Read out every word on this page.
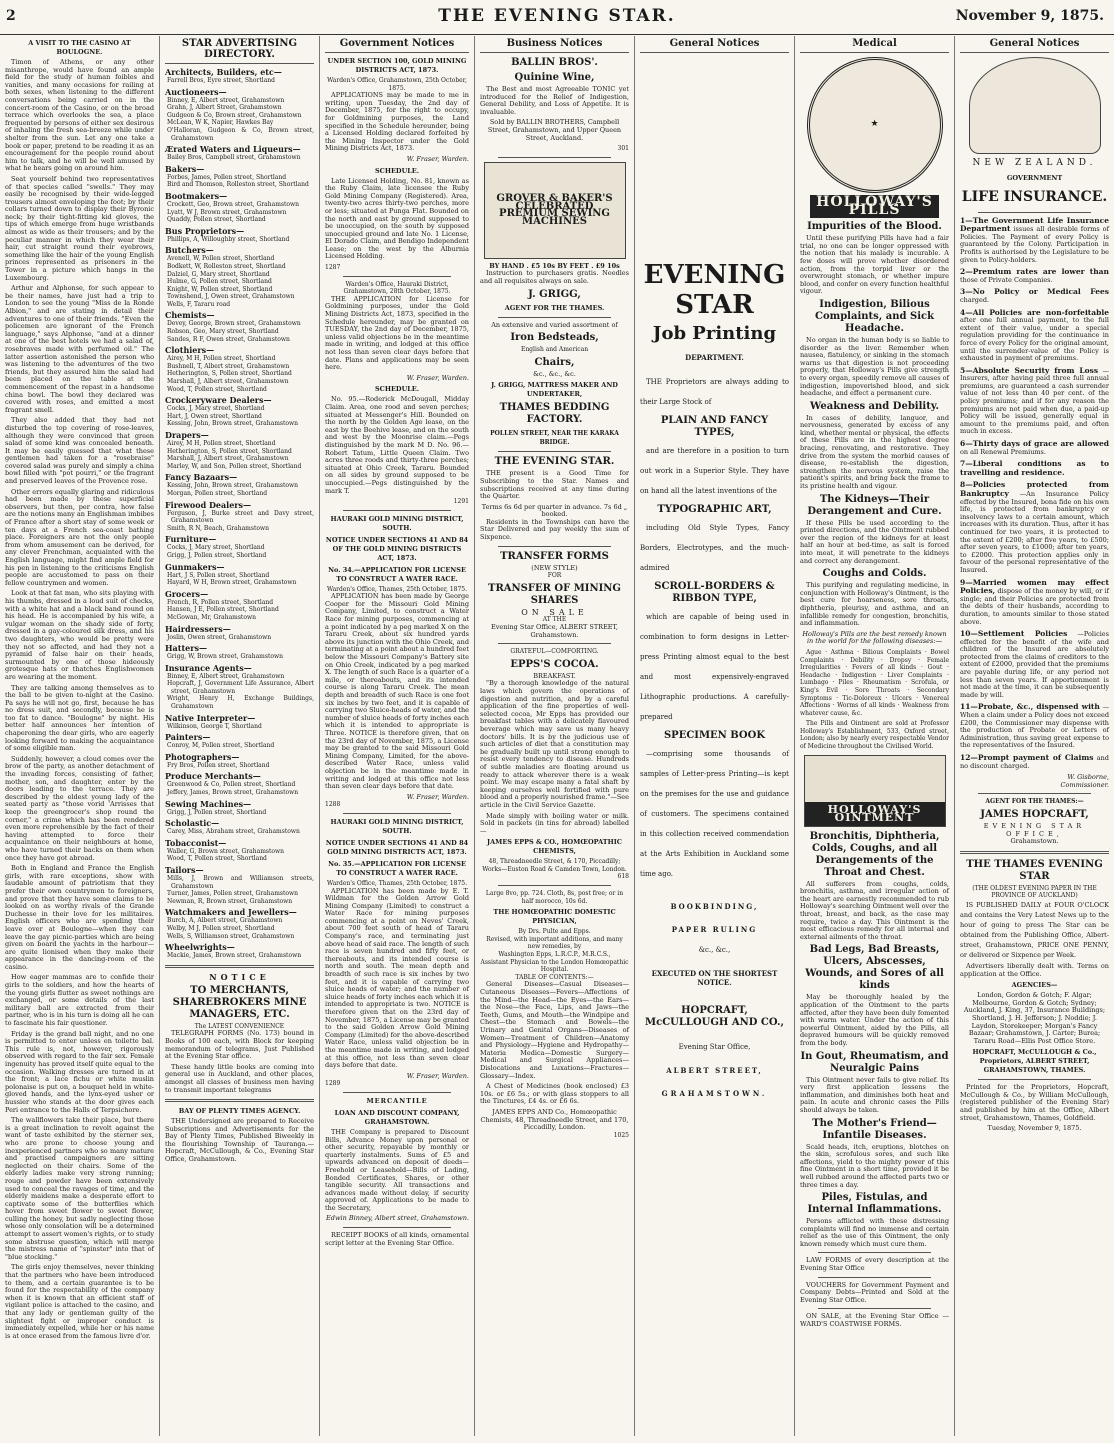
2	THE EVENING STAR.	November 9, 1875.
A VISIT TO THE CASINO AT BOULOGNE.

Timon of Athens, or any other misanthrope, would have found an ample field for the study of human foibles and vanities, and many occasions for railing at both sexes, when listening to the different conversations being carried on in the concert-room of the Casino, or on the broad terrace which overlooks the sea, a place frequented by persons of either sex desirous of inhaling the fresh sea-breeze while under shelter from the sun. Let any one take a book or paper, pretend to be reading it as an encouragement for the people round about him to talk, and he will be well amused by what he hears going on around him.

Seat yourself behind two representatives of that species called "swells." They may easily be recognised by their wide-legged trousers almost enveloping the foot; by their collars turned down to display their Byronic neck; by their tight-fitting kid gloves, the tips of which emerge from huge wristbands almost as wide as their trousers; and by the peculiar manner in which they wear their hair, cut straight round their eyebrows, something like the hair of the young English princes represented as prisoners in the Tower in a picture which hangs in the Luxembourg.

Arthur and Alphonse, for such appear to be their names, have just had a trip to London to see the young "Miss de la Ronde Albion," and are stating in detail their adventures to one of their friends. "Even the policemen are ignorant of the French language," says Alphonse, "and at a dinner at one of the best hotels we had a salad of, rosebraves made with perfumed oil." The latter assertion astonished the person who was listening to the adventures of the two friends, but they assured him the salad had been placed on the table at the commencement of the repast in a handsome china bowl. The bowl they declared was covered with roses, and emitted a most fragrant smell.

They also added that they had not disturbed the top covering of rose-leaves, although they were convinced that green salad of some kind was concealed beneath. It may be easily guessed that what these gentlemen had taken for a "rosebraise" covered salad was purely and simply a china bowl filled with "pot pourri," or the fragrant and preserved leaves of the Provence rose.

Other errors equally glaring and ridiculous had been made by these superficial observers, but then, per contra, how false are the notions many an Englishman imbibes of France after a short stay of some week or ten days at a French sea-coast bathing place. Foreigners are not the only people from whom amusement can be derived, for any clever Frenchman, acquainted with the English language, might find ample field for his pen in listening to the criticisms English people are accustomed to pass on their fellow countrymen and women.

Look at that fat man, who sits playing with his thumbs, dressed in a loud suit of checks, with a white hat and a black band round on his head. He is accompanied by his wife, a vulgar woman on the shady side of forty, dressed in a gay-coloured silk dress, and his two daughters, who would be pretty were they not so affected, and had they not a pyramid of false hair on their heads, surmounted by one of those hideously grotesque hats or thatches Englishwomen are wearing at the moment.

They are talking among themselves as to the ball to be given to-night at the Casino. Pa says he will not go, first, because he has no dress suit, and secondly, because he is too fat to dance. "Boulogne" by night. His better half announces her intention of chaperoning the dear girls, who are eagerly looking forward to making the acquaintance of some eligible man.

Suddenly, however, a cloud comes over the brow of the party, as another detachment of the invading forces, consisting of father, mother, son, and daughter, enter by the doors leading to the terrace. They are described by the eldest young lady of the seated party as "those vorid 'Arrisses that keep the greengrocer's shop round the corner," a crime which has been rendered even more reprehensible by the fact of their having attempted to force their acquaintance on their neighbours at home, who have turned their backs on them when once they have got abroad.

Both in England and France the English girls, with rare exceptions, show with laudable amount of patriotism that they prefer their own countrymen to foreigners, and prove that they have some claims to be looked on as worthy rivals of the Grande Duchesse in their love for les militaires. English officers who are spending their leave over at Boulogne—when they can leave the gay picnic-parties which are being given on board the yachts in the harbour—are quite lionised when they make their appearance in the dancing-room of the casino.

How eager mammas are to confide their girls to the soldiers, and how the hearts of the young girls flutter as sweet nothings are exchanged, or some details of the last military ball are extracted from their partner, who is in his turn is doing all he can to fascinate his fair questioner.

Friday is the grand ball night, and no one is permitted to enter unless en toilette bal. This rule is, not, however, rigorously observed with regard to the fair sex. Female ingenuity has proved itself quite equal to the occasion. Walking dresses are turned in at the front; a lace fichu or white muslin polonaise is put on, a bouquet held in white-gloved hands, and the lynx-eyed usher or hussier who stands at the door gives each Peri entrance to the Halls of Terpsichore.

The wallflowers take their place, but there is a great inclination to revolt against the want of taste exhibited by the sterner sex, who are prone to choose young and inexperienced partners who so many mature and practised campaigners are sitting neglected on their chairs. Some of the elderly ladies make very strong running; rouge and powder have been extensively used to conceal the ravages of time, and the elderly maidens make a desperate effort to captivate some of the butterflies which hover from sweet flower to sweet flower, culling the honey, but sadly neglecting those whose only consolation will be a determined attempt to assert women's rights, or to study some abstruse question, which will merge the mistress name of "spinster" into that of "blue stocking."

The girls enjoy themselves, never thinking that the partners who have been introduced to them, and a certain guarantee is to be found for the respectability of the company when it is known that an efficient staff of vigilant police is attached to the casino, and that any lady or gentleman guilty of the slightest fight or improper conduct is immediately expelled, while her or his name is at once erased from the famous livre d'or.

STAR ADVERTISING DIRECTORY.
Architects, Builders, etc—
Farrell Bros, Eyre street, Shortland
Auctioneers—
Binney, E, Albert street, Grahamstown
Grahn, J, Albert Street, Grahamstown
Gudgeon & Co, Brown street, Grahamstown
McLean, W K, Napier, Hawkes Bay
O'Halloran, Gudgeon & Co, Brown street, Grahamstown
Ærated Waters and Liqueurs—
Bailey Bros, Campbell street, Grahamstown
Bakers—
Forbes, James, Pollen street, Shortland
Bird and Thomson, Rolleston street, Shortland
Bootmakers—
Crockett, Geo, Brown street, Grahamstown
Lyatt, W J, Brown street, Grahamstown
Quaddy, Pollen street, Shortland
Bus Proprietors—
Phillips, A, Willoughby street, Shortland
Butchers—
Avenell, W, Pollen street, Shortland
Bodkett, W, Rolleston street, Shortland
Dalziel, G, Mary street, Shortland
Hulme, G, Pollen street, Shortland
Knight, W, Pollen street, Shortland
Townshend, J, Owen street, Grahamstown
Wells, F, Tararu road
Chemists—
Devey, George, Brown street, Grahamstown
Robson, Geo, Mary street, Shortland
Sandes, R F, Owen street, Grahamstown
Clothiers—
Airey, M H, Pollen street, Shortland
Bushnell, T, Albert street, Grahamstown
Hetherington, S, Pollen street, Shortland
Marshall, J, Albert street, Grahamstown
Wood, T, Pollen street, Shortland
Crockeryware Dealers—
Cocks, J, Mary street, Shortland
Hart, J, Owen street, Shortland
Kessing, John, Brown street, Grahamstown
Drapers—
Airey, M H, Pollen street, Shortland
Hetherington, S, Pollen street, Shortland
Marshall, J, Albert street, Grahamstown
Marley, W, and Son, Pollen street, Shortland
Fancy Bazaars—
Kessing, John, Brown street, Grahamstown
Morgan, Pollen street, Shortland
Firewood Dealers—
Ferguson, J, Burke street and Davy street, Grahamstown
Smith, R N, Beach, Grahamstown
Furniture—
Cocks, J, Mary street, Shortland
Grigg, J, Pollen street, Shortland
Gunmakers—
Hart, J S, Pollen street, Shortland
Hayard, W H, Brown street, Grahamstown
Grocers—
French, R, Pollen street, Shortland
Hansen, J E, Pollen street, Shortland
McGowan, Mr, Grahamstown
Hairdressers—
Joslin, Owen street, Grahamstown
Hatters—
Grigg, W, Brown street, Grahamstown
Insurance Agents—
Binney, E, Albert street, Grahamstown
Hopcraft, J, Government Life Assurance, Albert street, Grahamstown
Wright, Henry H, Exchange Buildings, Grahamstown
Native Interpreter—
Wilkinson, George T, Shortland
Painters—
Conroy, M, Pollen street, Shortland
Photographers—
Fry Bros, Pollen street, Shortland
Produce Merchants—
Greenwood & Co, Pollen street, Shortland
Jeffery, James, Brown street, Grahamstown
Sewing Machines—
Grigg, J, Pollen street, Shortland
Scholastic—
Carey, Miss, Abraham street, Grahamstown
Tobacconist—
Waller, G, Brown street, Grahamstown
Wood, T, Pollen street, Shortland
Tailors—
Mills, J, Brown and Williamson streets, Grahamstown
Turner, James, Pollen street, Grahamstown
Newman, R, Brown street, Grahamstown
Watchmakers and Jewellers—
Burch, A, Albert street, Grahamstown
Welby, M J, Pollen street, Shortland
Wells, S, Williamson street, Grahamstown
Wheelwrights—
Mackie, James, Brown street, Grahamstown
NOTICE
TO MERCHANTS, SHAREBROKERS MINE MANAGERS, ETC.
The LATEST CONVENIENCE

TELEGRAPH FORMS (No. 173) bound in Books of 100 each, with Block for keeping memorandum of telegrams, Just Published at the Evening Star office.

These handy little books are coming into general use in Auckland, and other places, amongst all classes of business men having to transmit important telegrams

BAY OF PLENTY TIMES AGENCY.

THE Undersigned are prepared to Receive Subscriptions and Advertisements for the Bay of Plenty Times, Published Biweekly in the flourishing Township of Tauranga.—Hopcraft, McCullough, & Co., Evening Star Office, Grahamstown.

Government Notices
UNDER SECTION 100, GOLD MINING DISTRICTS ACT, 1873.
Warden's Office, Grahamstown, 25th October, 1875.

APPLICATIONS may be made to me in writing, upon Tuesday, the 2nd day of December, 1875, for the right to occupy, for Goldmining purposes, the Land specified in the Schedule hereunder, being a Licensed Holding declared forfeited by the Mining Inspector under the Gold Mining Districts Act, 1873.

W. Fraser, Warden.
SCHEDULE.

Late Licensed Holding, No. 81, known as the Ruby Claim, late licensee the Ruby Gold Mining Company (Registered). Area, twenty-two acres thirty-two perches, more or less; situated at Punga Flat. Bounded on the north and east by ground supposed to be unoccupied, on the south by supposed unoccupied ground and late No. 1 License, El Dorado Claim, and Bendigo Independent Lease; on the west by the Alburnia Licensed Holding.

1287
Warden's Office, Hauraki District, Grahamstown, 28th October, 1875.

THE APPLICATION for License for Goldmining purposes, under the Gold Mining Districts Act, 1873, specified in the Schedule hereunder, may be granted on TUESDAY, the 2nd day of December, 1875, unless valid objections be in the meantime made in writing, and lodged at this office not less than seven clear days before that date. Plans and applications may be seen here.

W. Fraser, Warden.
SCHEDULE.

No. 95.—Roderick McDougall, Midday Claim. Area, one rood and seven perches; situated at Messenger's Hill. Bounded on the north by the Golden Age lease, on the east by the Beehive lease, and on the south and west by the Moonrise claim.—Pegs distinguished by the mark M D. No. 96.—Robert Tatum, Little Queen Claim. Two acres three roods and thirty-three perches; situated at Ohio Creek, Tararu. Bounded on all sides by ground supposed to be unoccupied.—Pegs distinguished by the mark T.

1291
HAURAKI GOLD MINING DISTRICT, SOUTH.
NOTICE UNDER SECTIONS 41 AND 84 OF THE GOLD MINING DISTRICTS ACT, 1873.
No. 34.—APPLICATION FOR LICENSE TO CONSTRUCT A WATER RACE.
Warden's Office, Thames, 25th October, 1875.

APPLICATION has been made by George Cooper for the Missouri Gold Mining Company, Limited, to construct a Water Race for mining purposes, commencing at a point indicated by a peg marked X on the Tararu Creek, about six hundred yards above its junction with the Ohio Creek, and terminating at a point about a hundred feet below the Missouri Company's Battery site on Ohio Creek, indicated by a peg marked X. The length of such Race is a quarter of a mile, or thereabouts, and its intended course is along Tararu Creek. The mean depth and breadth of such Race is one foot six inches by two feet, and it is capable of carrying two Sluice-heads of water, and the number of sluice heads of forty inches each which it is intended to appropriate is Three. NOTICE is therefore given, that on the 23rd day of November, 1875, a License may be granted to the said Missouri Gold Mining Company, Limited, for the above-described Water Race, unless valid objection be in the meantime made in writing and lodged at this office not less than seven clear days before that date.

W. Fraser, Warden.
1288
HAURAKI GOLD MINING DISTRICT, SOUTH.
NOTICE UNDER SECTIONS 41 AND 84 GOLD MINING DISTRICTS ACT, 1873.
No. 35.—APPLICATION FOR LICENSE TO CONSTRUCT A WATER RACE.
Warden's Office, Thames, 25th October, 1875.

APPLICATION has been made by E. T. Wildman for the Golden Arrow Gold Mining Company (Limited) to construct a Water Race for mining purposes commencing at a point on Neves' Creek, about 700 feet south of head of Tararu Company's race, and terminating just above head of said race. The length of such race is seven hundred and fifty feet, or thereabouts, and its intended course is north and south. The mean depth and breadth of such race is six inches by two feet, and it is capable of carrying two sluice heads of water; and the number of sluice heads of forty inches each which it is intended to appropriate is two. NOTICE is therefore given that on the 23rd day of November, 1875, a License may be granted to the said Golden Arrow Gold Mining Company (Limited) for the above-described Water Race, unless valid objection be in the meantime made in writing, and lodged at this office, not less than seven clear days before that date.

W. Fraser, Warden.
1289
MERCANTILE
LOAN AND DISCOUNT COMPANY, GRAHAMSTOWN.

THE Company is prepared to Discount Bills, Advance Money upon personal or other security, repayable by monthly or quarterly instalments. Sums of £5 and upwards advanced on deposit of deeds—Freehold or Leasehold—Bills of Lading, Bonded Certificates, Shares, or other tangible security. All transactions and advances made without delay, if security approved of. Applications to be made to the Secretary,

Edwin Binney, Albert street, Grahamstown.

RECEIPT BOOKS of all kinds, ornamental script letter at the Evening Star Office.

Business Notices
BALLIN BROS'.
Quinine Wine,

The Best and most Agreeable TONIC yet introduced for the Relief of Indigestion, General Debility, and Loss of Appetite. It is invaluable.

Sold by BALLIN BROTHERS, Campbell Street, Grahamstown, and Upper Queen Street, Auckland.

301
GROVER & BAKER'S CELEBRATED PREMIUM SEWING MACHINES
BY HAND . £5 10s BY FEET . £9 10s

Instruction to purchasers gratis. Needles and all requisites always on sale.

J. GRIGG,
AGENT FOR THE THAMES.
An extensive and varied assortment of
Iron Bedsteads,
English and American
Chairs,
&c., &c., &c.
J. GRIGG, MATTRESS MAKER AND UNDERTAKER,
THAMES BEDDING FACTORY.
POLLEN STREET, NEAR THE KARAKA BRIDGE.
THE EVENING STAR.

THE present is a Good Time for Subscribing to the Star. Names and subscriptions received at any time during the Quarter.

Terms 6s 6d per quarter in advance. 7s 6d „ booked.

Residents in the Townships can have the Star Delivered and pay weekly the sum of Sixpence.

TRANSFER FORMS
(NEW STYLE)
FOR
TRANSFER OF MINING SHARES
ON SALE
AT THE
Evening Star Office, ALBERT STREET, Grahamstown.
GRATEFUL—COMFORTING.
EPPS'S COCOA.
BREAKFAST.

"By a thorough knowledge of the natural laws which govern the operations of digestion and nutrition, and by a careful application of the fine properties of well-selected cocoa, Mr Epps has provided our breakfast tables with a delicately flavoured beverage which may save us many heavy doctors' bills. It is by the judicious use of such articles of diet that a constitution may be gradually built up until strong enough to resist every tendency to disease. Hundreds of subtle maladies are floating around us ready to attack wherever there is a weak point. We may escape many a fatal shaft by keeping ourselves well fortified with pure blood and a properly nourished frame."—See article in the Civil Service Gazette.

Made simply with boiling water or milk. Sold in packets (in tins for abroad) labelled—

JAMES EPPS & CO., HOMŒOPATHIC CHEMISTS,
48, Threadneedle Street, & 170, Piccadilly; Works—Euston Road & Camden Town, London.
618
Large 8vo, pp. 724. Cloth, 8s, post free; or in half morocco, 10s 6d.
THE HOMŒOPATHIC DOMESTIC PHYSICIAN,
By Drs. Pulte and Epps.
Revised, with important additions, and many new remedies, by
Washington Epps, L.R.C.P., M.R.C.S.,
Assistant Physician to the London Homœopathic Hospital.
TABLE OF CONTENTS:—

General Diseases—Casual Diseases—Cutaneous Diseases—Fevers—Affections of the Mind—the Head—the Eyes—the Ears—the Nose—the Face, Lips, and Jaws—the Teeth, Gums, and Mouth—the Windpipe and Chest—the Stomach and Bowels—the Urinary and Genital Organs—Diseases of Women—Treatment of Children—Anatomy and Physiology—Hygiene and Hydropathy—Materia Medica—Domestic Surgery—Medical and Surgical Appliances—Dislocations and Luxations—Fractures—Glossary—Index.

A Chest of Medicines (book enclosed) £3 10s. or £6 5s.; or with glass stoppers to all the Tinctures, £4 4s. or £6 6s.

JAMES EPPS AND Co., Homœopathic Chemists, 48, Threadneedle Street, and 170, Piccadilly, London.
1025
General Notices
EVENING STAR
Job Printing
DEPARTMENT.

THE Proprietors are always adding to their Large Stock of

PLAIN AND FANCY TYPES,

and are therefore in a position to turn out work in a Superior Style. They have on hand all the latest inventions of the

TYPOGRAPHIC ART,

including Old Style Types, Fancy Borders, Electrotypes, and the much-admired

SCROLL-BORDERS & RIBBON TYPE,

which are capable of being used in combination to form designs in Letter-press Printing almost equal to the best and most expensively-engraved Lithographic productions. A carefully-prepared

SPECIMEN BOOK

—comprising some thousands of samples of Letter-press Printing—is kept on the premises for the use and guidance of customers. The specimens contained in this collection received commendation at the Arts Exhibition in Auckland some time ago.

BOOKBINDING,
PAPER RULING
&c., &c.,
EXECUTED ON THE SHORTEST NOTICE.
HOPCRAFT, McCULLOUGH AND CO.,
Evening Star Office,
ALBERT STREET,
GRAHAMSTOWN.
Medical
★
HOLLOWAY'S PILLS
Impurities of the Blood.

Until these purifying Pills have had a fair trial, no one can be longer oppressed with the notion that his malady is incurable. A few doses will prove whether disordered action, from the torpid liver or the overwrought stomach, or whether impure blood, and confer on every function healthful vigour.

Indigestion, Bilious Complaints, and Sick Headache.

No organ in the human body is so liable to disorder as the liver. Remember when nausea, flatulency, or sinking in the stomach warns us that digestion is not proceeding properly, that Holloway's Pills give strength to every organ, speedily remove all causes of indigestion, impoverished blood, and sick headache, and effect a permanent cure.

Weakness and Debility.

In cases of debility, languor, and nervousness, generated by excess of any kind, whether mental or physical, the effects of these Pills are in the highest degree bracing, renovating, and restorative. They drive from the system the morbid causes of disease, re-establish the digestion, strengthen the nervous system, raise the patient's spirits, and bring back the frame to its pristine health and vigour.

The Kidneys—Their Derangement and Cure.

If these Pills be used according to the printed directions, and the Ointment rubbed over the region of the kidneys for at least half an hour at bed-time, as salt is forced into meat, it will penetrate to the kidneys and correct any derangement.

Coughs and Colds.

This purifying and regulating medicine, in conjunction with Holloway's Ointment, is the best cure for hoarseness, sore throats, diphtheria, pleurisy, and asthma, and an infallible remedy for congestion, bronchitis, and inflammation.

Holloway's Pills are the best remedy known in the world for the following diseases:—

Ague · Asthma · Bilious Complaints · Bowel Complaints · Debility · Dropsy · Female Irregularities · Fevers of all kinds · Gout · Headache · Indigestion · Liver Complaints · Lumbago · Piles · Rheumatism · Scrofula, or King's Evil · Sore Throats · Secondary Symptoms · Tic-Doloreux · Ulcers · Venereal Affections · Worms of all kinds · Weakness from whatever cause, &c.

The Pills and Ointment are sold at Professor Holloway's Establishment, 533, Oxford street, London; also by nearly every respectable Vendor of Medicine throughout the Civilised World.

HOLLOWAY'S OINTMENT
Bronchitis, Diphtheria, Colds, Coughs, and all Derangements of the Throat and Chest.

All sufferers from coughs, colds, bronchitis, asthma, and irregular action of the heart are earnestly recommended to rub Holloway's searching Ointment well over the throat, breast, and back, as the case may require, twice a day. This Ointment is the most efficacious remedy for all internal and external ailments of the throat.

Bad Legs, Bad Breasts, Ulcers, Abscesses, Wounds, and Sores of all kinds

May be thoroughly healed by the application of the Ointment to the parts affected, after they have been duly fomented with warm water. Under the action of this powerful Ointment, aided by the Pills, all depraved humours will be quickly removed from the body.

In Gout, Rheumatism, and Neuralgic Pains

This Ointment never fails to give relief. Its very first application lessens the inflammation, and diminishes both heat and pain. In acute and chronic cases the Pills should always be taken.

The Mother's Friend—Infantile Diseases.

Scald heads, itch, eruptions, blotches on the skin, scrofulous sores, and such like affections, yield to the mighty power of this fine Ointment in a short time, provided it be well rubbed around the affected parts two or three times a day.

Piles, Fistulas, and Internal Inflammations.

Persons afflicted with these distressing complaints will find no immense and certain relief as the use of this Ointment, the only known remedy which must cure them.

LAW FORMS of every description at the Evening Star Office

VOUCHERS for Government Payment and Company Debts—Printed and Sold at the Evening Star Office.

ON SALE, at the Evening Star Office —WARD'S COASTWISE FORMS.

General Notices
NEW ZEALAND.
GOVERNMENT
LIFE INSURANCE.

1—The Government Life Insurance Department issues all desirable forms of Policies. The Payment of every Policy is guaranteed by the Colony. Participation in Profits is authorised by the Legislature to be given to Policy-holders.

2—Premium rates are lower than those of Private Companies.

3—No Policy or Medical Fees charged.

4—All Policies are non-forfeitable after one full annual payment, to the full extent of their value, under a special regulation providing for the continuance in force of every Policy for the original amount, until the surrender-value of the Policy is exhausted in payment of premiums.

5—Absolute Security from Loss —Insurers, after having paid three full annual premiums, are guaranteed a cash surrender value of not less than 40 per cent. of the policy premiums; and if for any reason the premiums are not paid when due, a paid-up Policy will be issued, generally equal in amount to the premiums paid, and often much in excess.

6—Thirty days of grace are allowed on all Renewal Premiums.

7—Liberal conditions as to travelling and residence.

8—Policies protected from Bankruptcy —An Insurance Policy effected by the Insured, bona fide on his own life, is protected from bankruptcy or insolvency laws to a certain amount, which increases with its duration. Thus, after it has continued for two years, it is protected to the extent of £200; after five years, to £500; after seven years, to £1000; after ten years, to £2000. This protection applies only in favour of the personal representative of the Insured.

9—Married women may effect Policies, dispose of the money by will, or if single; and their Policies are protected from the debts of their husbands, according to duration, to amounts similar to those stated above.

10—Settlement Policies —Policies effected for the benefit of the wife and children of the Insured are absolutely protected from the claims of creditors to the extent of £2000, provided that the premiums are payable during life, or any period not less than seven years. If apportionment is not made at the time, it can be subsequently made by will.

11—Probate, &c., dispensed with —When a claim under a Policy does not exceed £200, the Commissioner may dispense with the production of Probate or Letters of Administration, thus saving great expense to the representatives of the Insured.

12—Prompt payment of Claims and no discount charged.

W. Gisborne,
Commissioner.
AGENT FOR THE THAMES:—
JAMES HOPCRAFT,
EVENING STAR OFFICE,
Grahamstown.
THE THAMES EVENING STAR
(THE OLDEST EVENING PAPER IN THE PROVINCE OF AUCKLAND)

IS PUBLISHED DAILY at FOUR O'CLOCK and contains the Very Latest News up to the hour of going to press The Star can be obtained from the Publishing Office, Albert-street, Grahamstown, PRICE ONE PENNY, or delivered or Sixpence per Week.

Advertisers liberally dealt with. Terms on application at the Office.

AGENCIES—

London, Gordon & Gotch; F. Algar; Melbourne, Gordon & Gotch; Sydney; Auckland, J. King, 37, Insurance Buildings; Shortland, J. H. Jefferson; J. Noddie; J. Laydon, Storekeeper; Morgan's Fancy Bazaar; Grahamstown, J. Carter; Burea; Tararu Road—Ellis Post Office Store.

HOPCRAFT, McCULLOUGH & Co., Proprietors, ALBERT STREET, GRAHAMSTOWN, THAMES.

Printed for the Proprietors, Hopcraft, McCullough & Co., by William McCullough, (registered publisher of the Evening Star) and published by him at the Office, Albert street, Grahamstown, Thames, Goldfield.

Tuesday, November 9, 1875.
